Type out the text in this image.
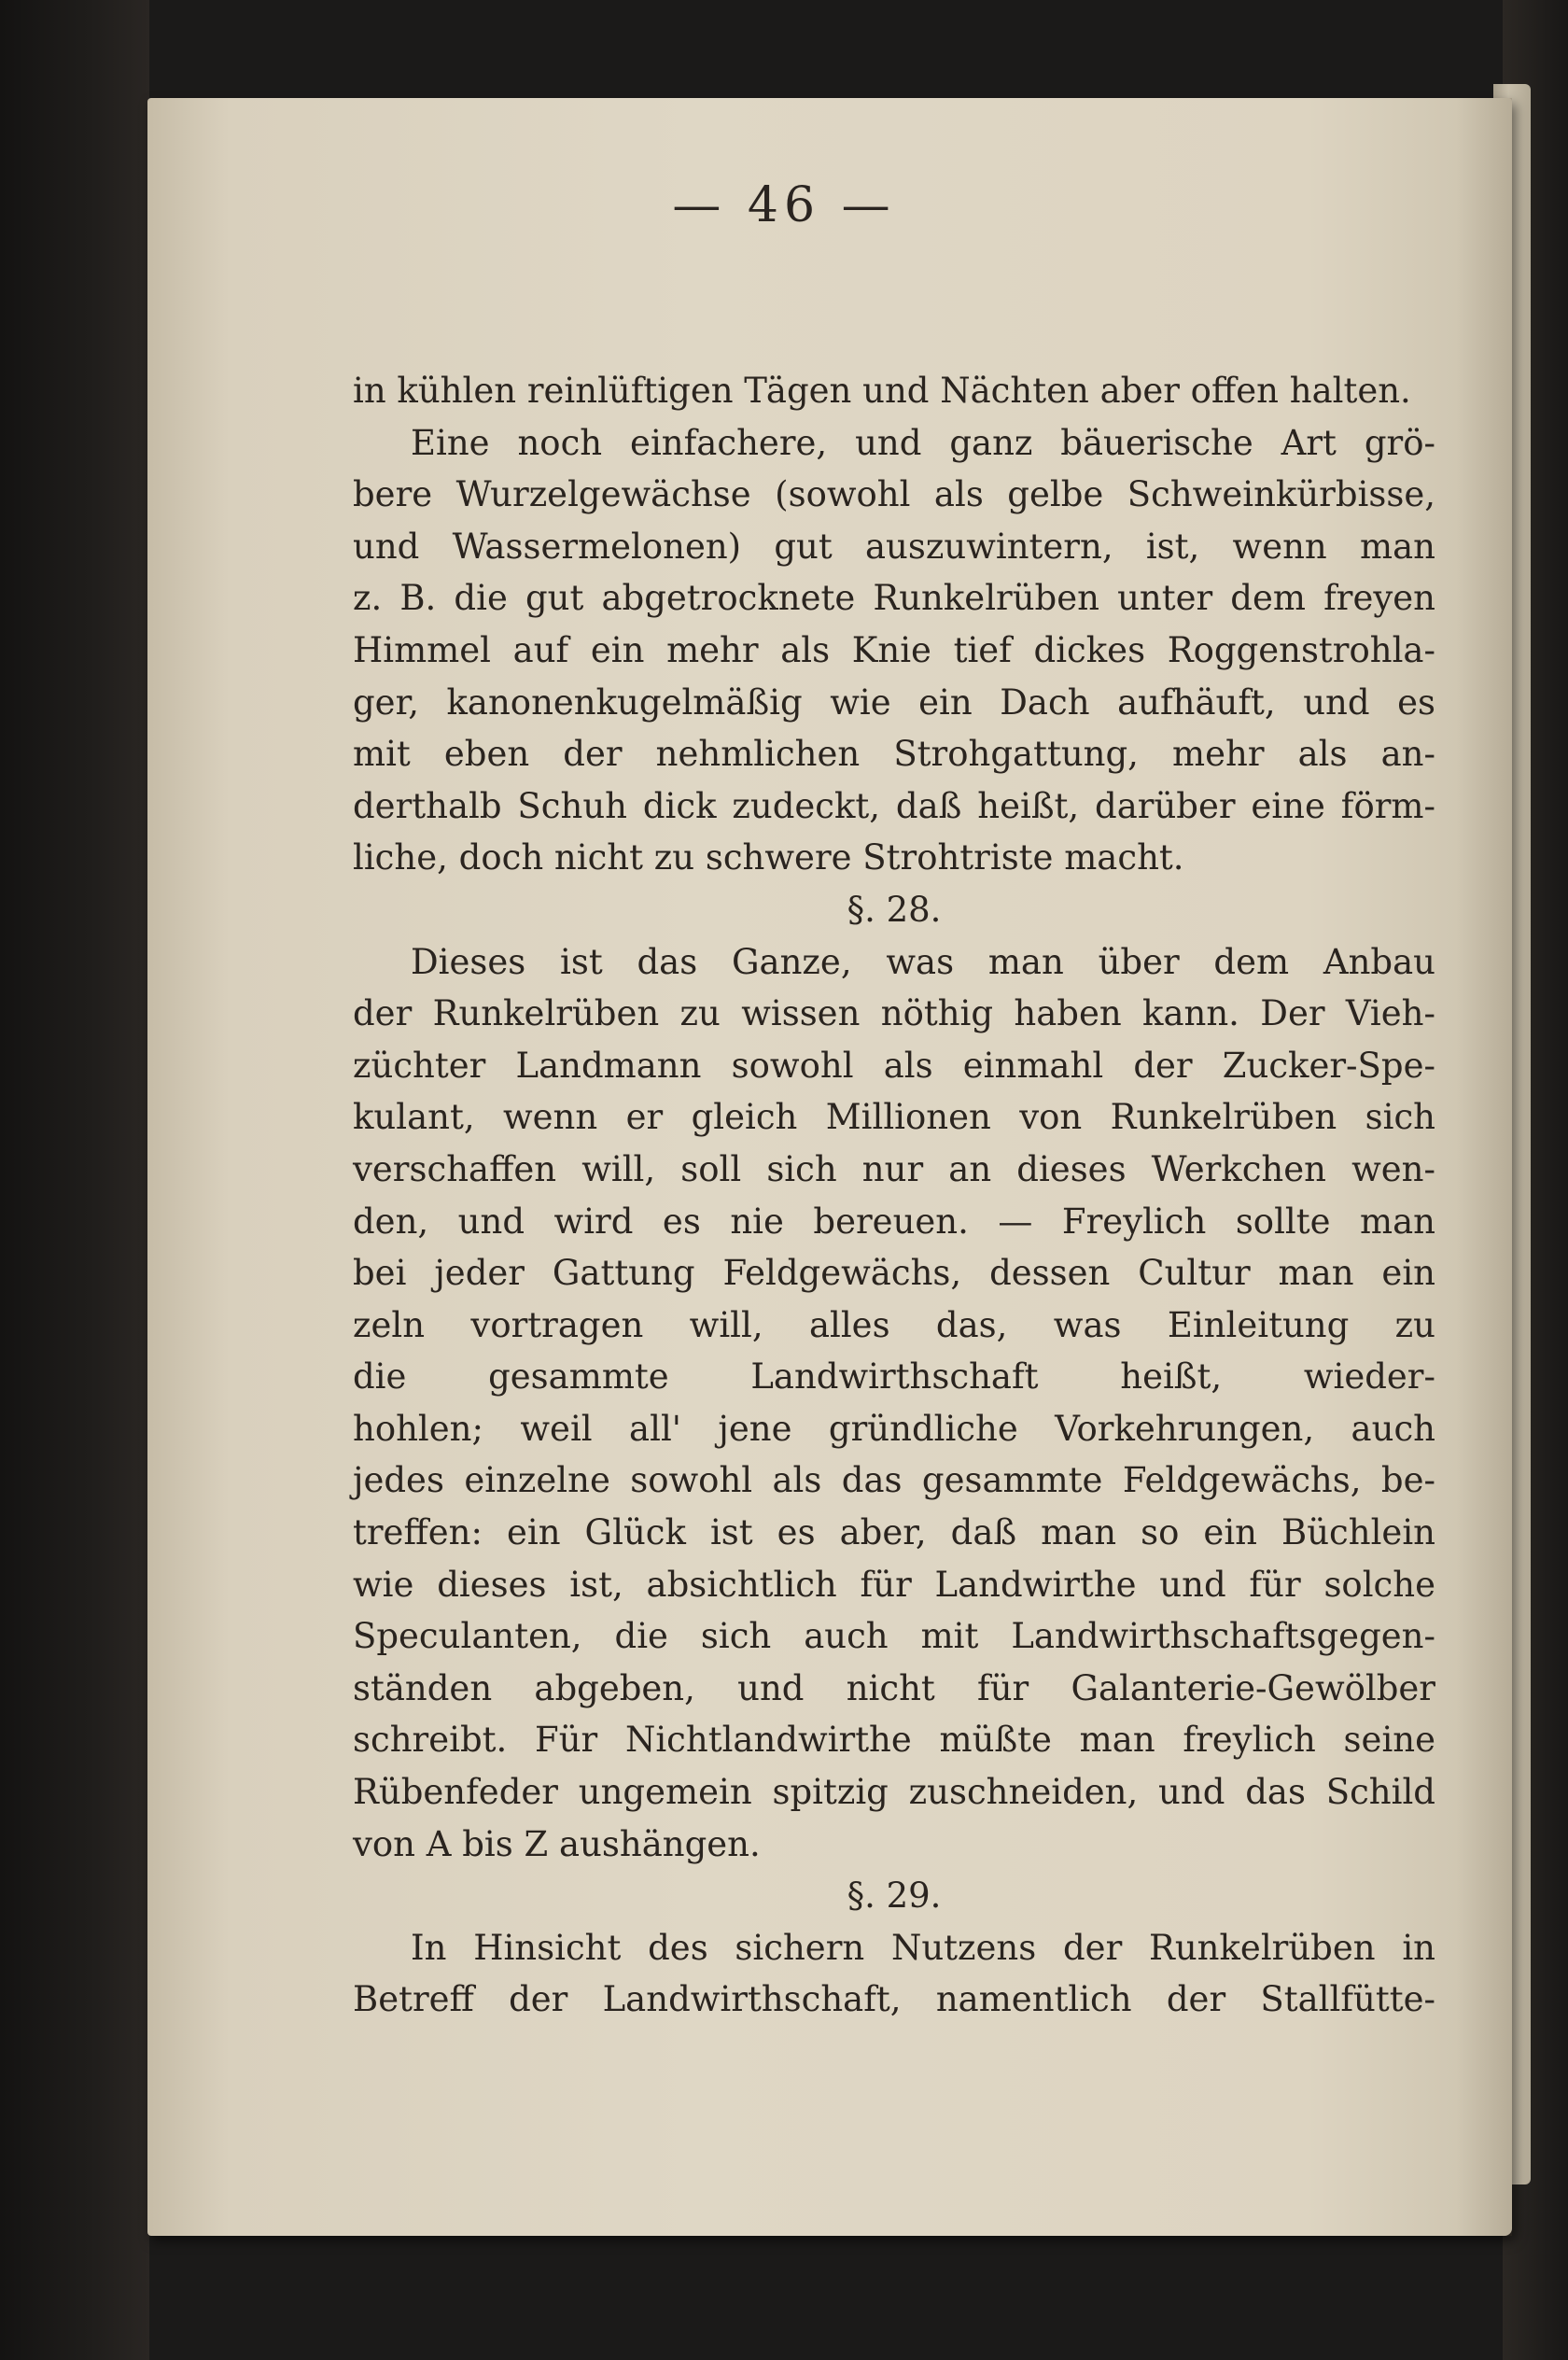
— 46 —
in kühlen reinlüftigen Tägen und Nächten aber offen halten.
Eine noch einfachere, und ganz bäuerische Art grö-
bere Wurzelgewächse (sowohl als gelbe Schweinkürbisse,
und Wassermelonen) gut auszuwintern, ist, wenn man
z. B. die gut abgetrocknete Runkelrüben unter dem freyen
Himmel auf ein mehr als Knie tief dickes Roggenstrohla-
ger, kanonenkugelmäßig wie ein Dach aufhäuft, und es
mit eben der nehmlichen Strohgattung, mehr als an-
derthalb Schuh dick zudeckt, daß heißt, darüber eine förm-
liche, doch nicht zu schwere Strohtriste macht.
§. 28.
Dieses ist das Ganze, was man über dem Anbau
der Runkelrüben zu wissen nöthig haben kann. Der Vieh-
züchter Landmann sowohl als einmahl der Zucker-Spe-
kulant, wenn er gleich Millionen von Runkelrüben sich
verschaffen will, soll sich nur an dieses Werkchen wen-
den, und wird es nie bereuen. — Freylich sollte man
bei jeder Gattung Feldgewächs, dessen Cultur man ein
zeln vortragen will, alles das, was Einleitung zu
die gesammte Landwirthschaft heißt, wieder-
hohlen; weil all' jene gründliche Vorkehrungen, auch
jedes einzelne sowohl als das gesammte Feldgewächs, be-
treffen: ein Glück ist es aber, daß man so ein Büchlein
wie dieses ist, absichtlich für Landwirthe und für solche
Speculanten, die sich auch mit Landwirthschaftsgegen-
ständen abgeben, und nicht für Galanterie-Gewölber
schreibt. Für Nichtlandwirthe müßte man freylich seine
Rübenfeder ungemein spitzig zuschneiden, und das Schild
von A bis Z aushängen.
§. 29.
In Hinsicht des sichern Nutzens der Runkelrüben in
Betreff der Landwirthschaft, namentlich der Stallfütte-
